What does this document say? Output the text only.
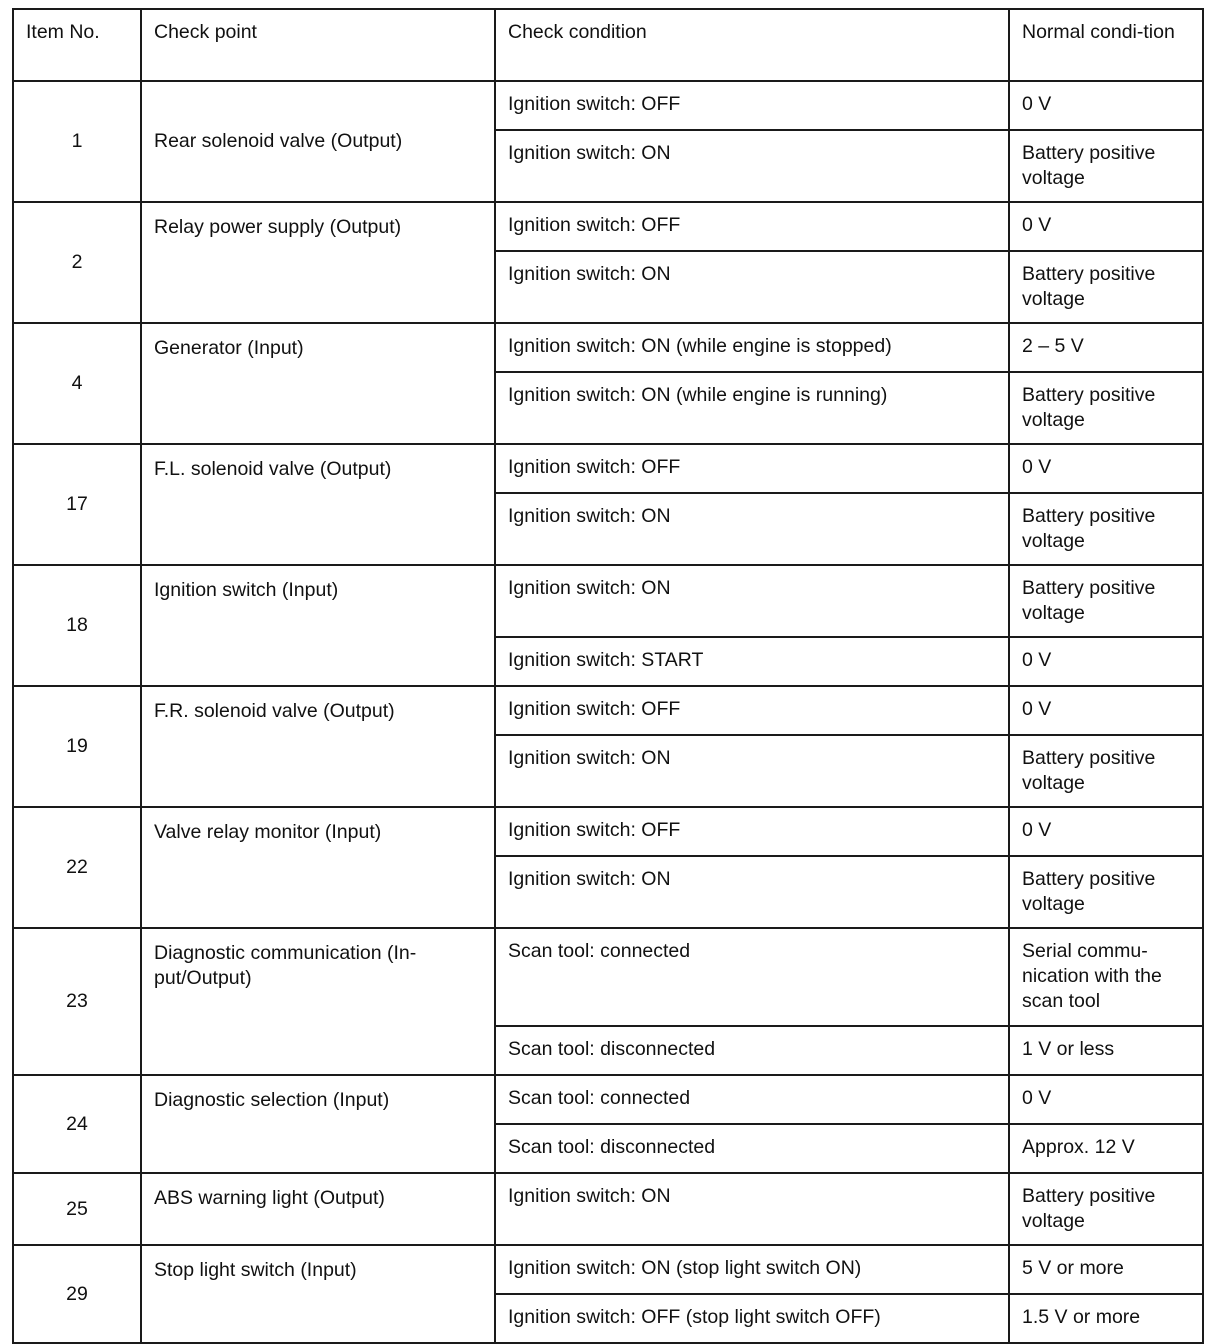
Item No.	Check point	Check condition	Normal condi-tion
1	Rear solenoid valve (Output)	Ignition switch: OFF	0 V
		Ignition switch: ON	Battery positive voltage
2	Relay power supply (Output)	Ignition switch: OFF	0 V
		Ignition switch: ON	Battery positive voltage
4	Generator (Input)	Ignition switch: ON (while engine is stopped)	2 – 5 V
		Ignition switch: ON (while engine is running)	Battery positive voltage
17	F.L. solenoid valve (Output)	Ignition switch: OFF	0 V
		Ignition switch: ON	Battery positive voltage
18	Ignition switch (Input)	Ignition switch: ON	Battery positive voltage
		Ignition switch: START	0 V
19	F.R. solenoid valve (Output)	Ignition switch: OFF	0 V
		Ignition switch: ON	Battery positive voltage
22	Valve relay monitor (Input)	Ignition switch: OFF	0 V
		Ignition switch: ON	Battery positive voltage
23	Diagnostic communication (In-put/Output)	Scan tool: connected	Serial commu-nication with the scan tool
		Scan tool: disconnected	1 V or less
24	Diagnostic selection (Input)	Scan tool: connected	0 V
		Scan tool: disconnected	Approx. 12 V
25	ABS warning light (Output)	Ignition switch: ON	Battery positive voltage
29	Stop light switch (Input)	Ignition switch: ON (stop light switch ON)	5 V or more
		Ignition switch: OFF (stop light switch OFF)	1.5 V or more
